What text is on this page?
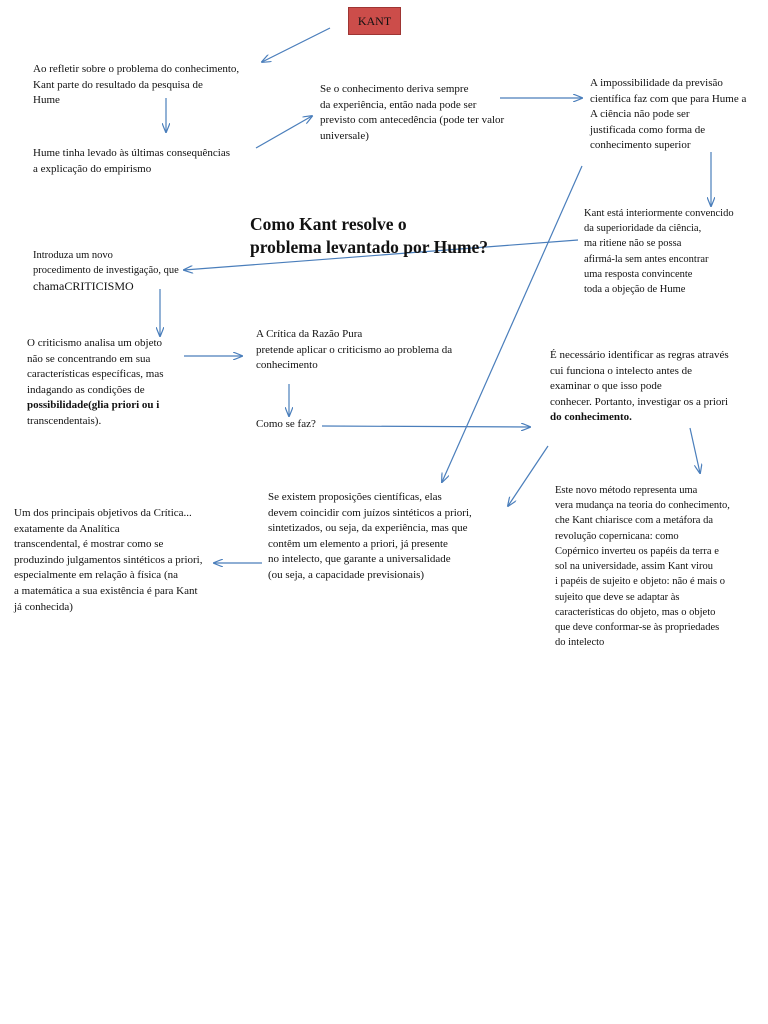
KANT
Como Kant resolve o
problema levantado por Hume?
Ao refletir sobre o problema do conhecimento,
Kant parte do resultado da pesquisa de
Hume
Hume tinha levado às últimas consequências
a explicação do empirismo
Se o conhecimento deriva sempre
da experiência, então nada pode ser
previsto com antecedência (pode ter valor
universale)
A impossibilidade da previsão
científica faz com que para Hume a
A ciência não pode ser
justificada como forma de
conhecimento superior
Kant está interiormente convencido
da superioridade da ciência,
ma ritiene não se possa
afirmá-la sem antes encontrar
uma resposta convincente
toda a objeção de Hume
Introduza um novo
procedimento de investigação, que
chamaCRITICISMO
O criticismo analisa um objeto
não se concentrando em sua
características específicas, mas
indagando as condições de
possibilidade(glia priori ou i
transcendentais).
A Crítica da Razão Pura
pretende aplicar o criticismo ao problema da
conhecimento
Como se faz?
É necessário identificar as regras através
cui funciona o intelecto antes de
examinar o que isso pode
conhecer. Portanto, investigar os a priori
do conhecimento.
Se existem proposições científicas, elas
devem coincidir com juízos sintéticos a priori,
sintetizados, ou seja, da experiência, mas que
contêm um elemento a priori, já presente
no intelecto, que garante a universalidade
(ou seja, a capacidade previsionais)
Um dos principais objetivos da Crítica...
exatamente da Analítica
transcendental, é mostrar como se
produzindo julgamentos sintéticos a priori,
especialmente em relação à física (na
a matemática a sua existência é para Kant
já conhecida)
Este novo método representa uma
vera mudança na teoria do conhecimento,
che Kant chiarisce com a metáfora da
revolução copernicana: como
Copérnico inverteu os papéis da terra e
sol na universidade, assim Kant virou
i papéis de sujeito e objeto: não é mais o
sujeito que deve se adaptar às
características do objeto, mas o objeto
que deve conformar-se às propriedades
do intelecto
